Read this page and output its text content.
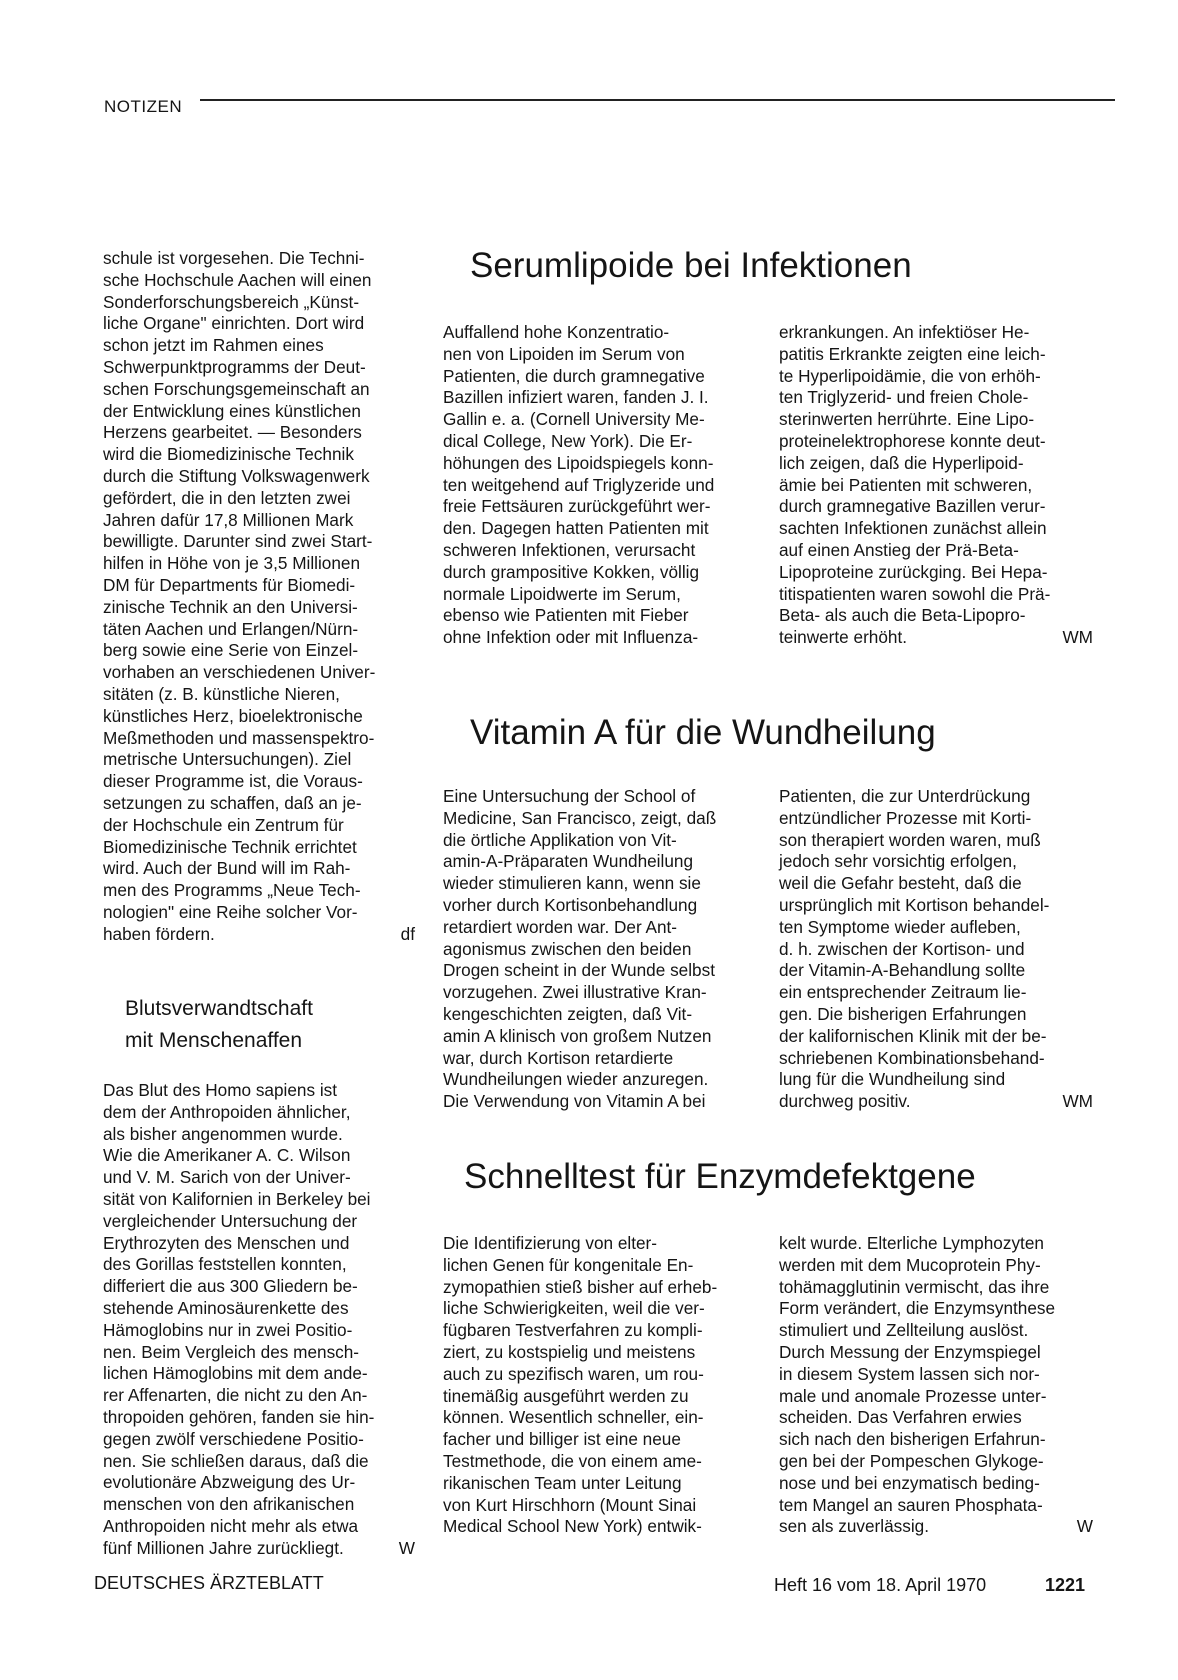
NOTIZEN
schule ist vorgesehen. Die Techni-
sche Hochschule Aachen will einen
Sonderforschungsbereich „Künst-
liche Organe" einrichten. Dort wird
schon jetzt im Rahmen eines
Schwerpunktprogramms der Deut-
schen Forschungsgemeinschaft an
der Entwicklung eines künstlichen
Herzens gearbeitet. — Besonders
wird die Biomedizinische Technik
durch die Stiftung Volkswagenwerk
gefördert, die in den letzten zwei
Jahren dafür 17,8 Millionen Mark
bewilligte. Darunter sind zwei Start-
hilfen in Höhe von je 3,5 Millionen
DM für Departments für Biomedi-
zinische Technik an den Universi-
täten Aachen und Erlangen/Nürn-
berg sowie eine Serie von Einzel-
vorhaben an verschiedenen Univer-
sitäten (z. B. künstliche Nieren,
künstliches Herz, bioelektronische
Meßmethoden und massenspektro-
metrische Untersuchungen). Ziel
dieser Programme ist, die Voraus-
setzungen zu schaffen, daß an je-
der Hochschule ein Zentrum für
Biomedizinische Technik errichtet
wird. Auch der Bund will im Rah-
men des Programms „Neue Tech-
nologien" eine Reihe solcher Vor-
haben fördern.	df
Blutsverwandtschaft
mit Menschenaffen
Das Blut des Homo sapiens ist
dem der Anthropoiden ähnlicher,
als bisher angenommen wurde.
Wie die Amerikaner A. C. Wilson
und V. M. Sarich von der Univer-
sität von Kalifornien in Berkeley bei
vergleichender Untersuchung der
Erythrozyten des Menschen und
des Gorillas feststellen konnten,
differiert die aus 300 Gliedern be-
stehende Aminosäurenkette des
Hämoglobins nur in zwei Positio-
nen. Beim Vergleich des mensch-
lichen Hämoglobins mit dem ande-
rer Affenarten, die nicht zu den An-
thropoiden gehören, fanden sie hin-
gegen zwölf verschiedene Positio-
nen. Sie schließen daraus, daß die
evolutionäre Abzweigung des Ur-
menschen von den afrikanischen
Anthropoiden nicht mehr als etwa
fünf Millionen Jahre zurückliegt.	W
Serumlipoide bei Infektionen
Auffallend hohe Konzentratio-
nen von Lipoiden im Serum von
Patienten, die durch gramnegative
Bazillen infiziert waren, fanden J. I.
Gallin e. a. (Cornell University Me-
dical College, New York). Die Er-
höhungen des Lipoidspiegels konn-
ten weitgehend auf Triglyzeride und
freie Fettsäuren zurückgeführt wer-
den. Dagegen hatten Patienten mit
schweren Infektionen, verursacht
durch grampositive Kokken, völlig
normale Lipoidwerte im Serum,
ebenso wie Patienten mit Fieber
ohne Infektion oder mit Influenza-
erkrankungen. An infektiöser He-
patitis Erkrankte zeigten eine leich-
te Hyperlipoidämie, die von erhöh-
ten Triglyzerid- und freien Chole-
sterinwerten herrührte. Eine Lipo-
proteinelektrophorese konnte deut-
lich zeigen, daß die Hyperlipoid-
ämie bei Patienten mit schweren,
durch gramnegative Bazillen verur-
sachten Infektionen zunächst allein
auf einen Anstieg der Prä-Beta-
Lipoproteine zurückging. Bei Hepa-
titispatienten waren sowohl die Prä-
Beta- als auch die Beta-Lipopro-
teinwerte erhöht.	WM
Vitamin A für die Wundheilung
Eine Untersuchung der School of
Medicine, San Francisco, zeigt, daß
die örtliche Applikation von Vit-
amin-A-Präparaten Wundheilung
wieder stimulieren kann, wenn sie
vorher durch Kortisonbehandlung
retardiert worden war. Der Ant-
agonismus zwischen den beiden
Drogen scheint in der Wunde selbst
vorzugehen. Zwei illustrative Kran-
kengeschichten zeigten, daß Vit-
amin A klinisch von großem Nutzen
war, durch Kortison retardierte
Wundheilungen wieder anzuregen.
Die Verwendung von Vitamin A bei
Patienten, die zur Unterdrückung
entzündlicher Prozesse mit Korti-
son therapiert worden waren, muß
jedoch sehr vorsichtig erfolgen,
weil die Gefahr besteht, daß die
ursprünglich mit Kortison behandel-
ten Symptome wieder aufleben,
d. h. zwischen der Kortison- und
der Vitamin-A-Behandlung sollte
ein entsprechender Zeitraum lie-
gen. Die bisherigen Erfahrungen
der kalifornischen Klinik mit der be-
schriebenen Kombinationsbehand-
lung für die Wundheilung sind
durchweg positiv.	WM
Schnelltest für Enzymdefektgene
Die Identifizierung von elter-
lichen Genen für kongenitale En-
zymopathien stieß bisher auf erheb-
liche Schwierigkeiten, weil die ver-
fügbaren Testverfahren zu kompli-
ziert, zu kostspielig und meistens
auch zu spezifisch waren, um rou-
tinemäßig ausgeführt werden zu
können. Wesentlich schneller, ein-
facher und billiger ist eine neue
Testmethode, die von einem ame-
rikanischen Team unter Leitung
von Kurt Hirschhorn (Mount Sinai
Medical School New York) entwik-
kelt wurde. Elterliche Lymphozyten
werden mit dem Mucoprotein Phy-
tohämagglutinin vermischt, das ihre
Form verändert, die Enzymsynthese
stimuliert und Zellteilung auslöst.
Durch Messung der Enzymspiegel
in diesem System lassen sich nor-
male und anomale Prozesse unter-
scheiden. Das Verfahren erwies
sich nach den bisherigen Erfahrun-
gen bei der Pompeschen Glykoge-
nose und bei enzymatisch beding-
tem Mangel an sauren Phosphata-
sen als zuverlässig.	W
DEUTSCHES ÄRZTEBLATT	Heft 16 vom 18. April 1970	1221
